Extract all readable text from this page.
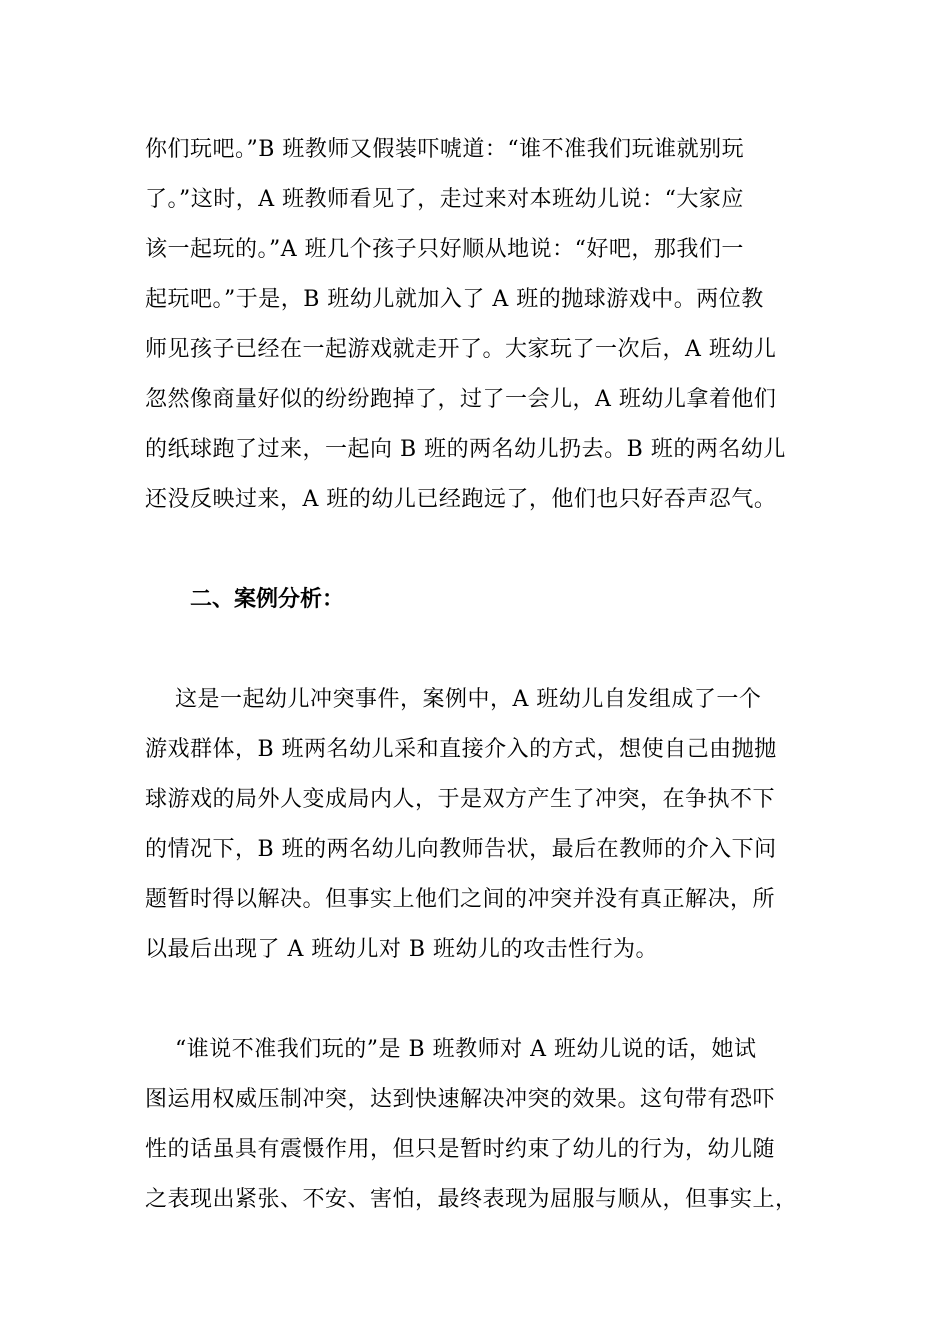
你们玩吧。”B 班教师又假装吓唬道：“谁不准我们玩谁就别玩
了。”这时，A 班教师看见了，走过来对本班幼儿说：“大家应
该一起玩的。”A 班几个孩子只好顺从地说：“好吧，那我们一
起玩吧。”于是，B 班幼儿就加入了 A 班的抛球游戏中。两位教
师见孩子已经在一起游戏就走开了。大家玩了一次后，A 班幼儿
忽然像商量好似的纷纷跑掉了，过了一会儿，A 班幼儿拿着他们
的纸球跑了过来，一起向 B 班的两名幼儿扔去。B 班的两名幼儿
还没反映过来，A 班的幼儿已经跑远了，他们也只好吞声忍气。
二、案例分析：
这是一起幼儿冲突事件，案例中，A 班幼儿自发组成了一个
游戏群体，B 班两名幼儿采和直接介入的方式，想使自己由抛抛
球游戏的局外人变成局内人，于是双方产生了冲突，在争执不下
的情况下，B 班的两名幼儿向教师告状，最后在教师的介入下问
题暂时得以解决。但事实上他们之间的冲突并没有真正解决，所
以最后出现了 A 班幼儿对 B 班幼儿的攻击性行为。
“谁说不准我们玩的”是 B 班教师对 A 班幼儿说的话，她试
图运用权威压制冲突，达到快速解决冲突的效果。这句带有恐吓
性的话虽具有震慑作用，但只是暂时约束了幼儿的行为，幼儿随
之表现出紧张、不安、害怕，最终表现为屈服与顺从，但事实上，
